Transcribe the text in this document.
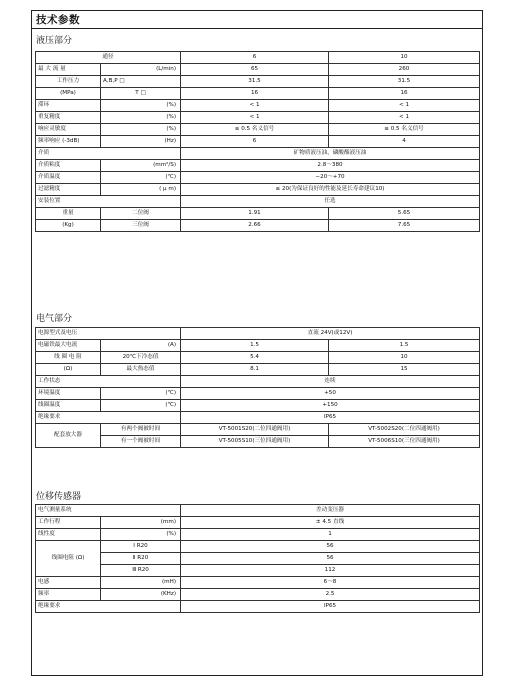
技术参数
液压部分
通径		6	10
最 大 流 量	(L/min)	65	260
工作压力	A,B,P □	31.5	31.5
(MPa)	T □	16	16
滞环	(%)	< 1	< 1
重复精度	(%)	< 1	< 1
响应灵敏度	(%)	≤ 0.5 名义信号	≤ 0.5 名义信号
频率响应 (-3dB)	(Hz)	6	4
介质		矿物质液压油，磷酸酯液压油	
介质粘度	(mm²/S)	2.8～380	
介质温度	(℃)	−20～+70	
过滤精度	( μ m)	≤ 20(为保证良好的性能及延长寿命建议10)	
安装位置		任选	
重量	二位阀	1.91	5.65
(Kg)	三位阀	2.66	7.65
电气部分
电源型式及电压		直流 24V(或12V)	
电磁铁最大电流	(A)	1.5	1.5
线 圈 电 阻	20℃下冷态值	5.4	10
(Ω)	最大热态值	8.1	15
工作状态		连续	
环境温度	(℃)	+50	
线圈温度	(℃)	+150	
绝缘要求		IP65	
配套放大器	有两个阀被时间	VT-5001S20(二位四通阀用)	VT-5002S20(二位四通阀用)
	有一个阀被时间	VT-5005S10(三位四通阀用)	VT-5006S10(三位四通阀用)
位移传感器
电气测量系统		差动变压器
工作行程	(mm)	± 4.5 直线
线性度	(%)	1
线圈电阻 (Ω)	Ⅰ R20	56
	Ⅱ R20	56
	Ⅲ R20	112
电感	(mH)	6～8
频率	(KHz)	2.5
绝缘要求		IP65
